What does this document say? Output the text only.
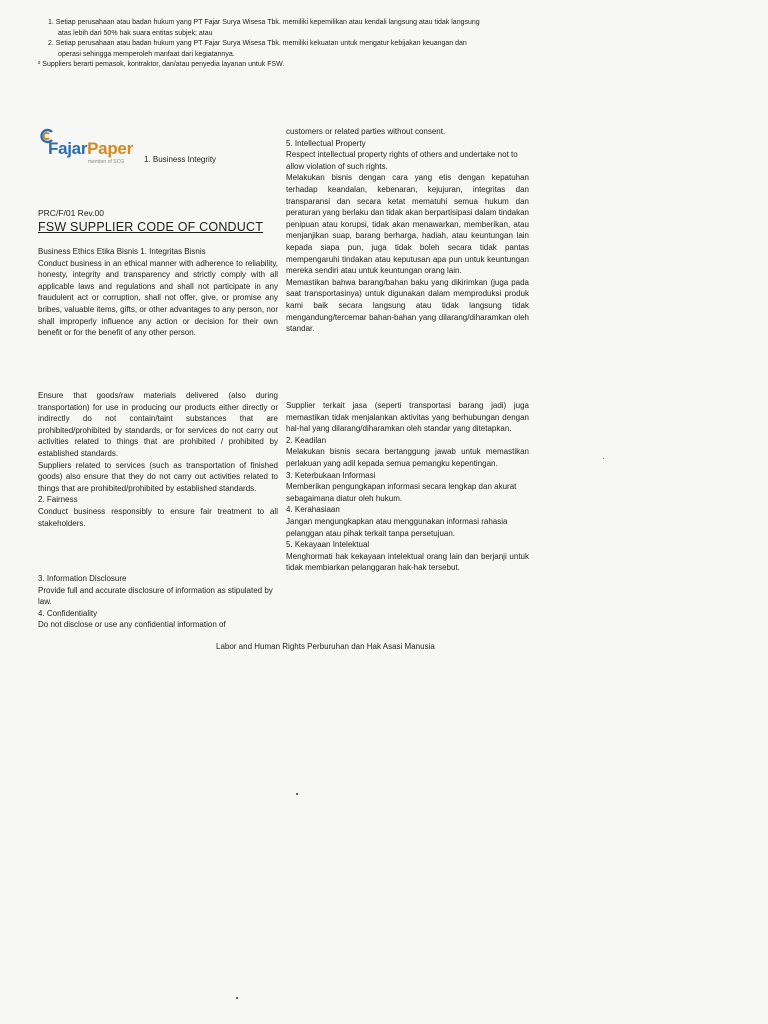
1. Setiap perusahaan atau badan hukum yang PT Fajar Surya Wisesa Tbk. memiliki kepemilikan atau kendali langsung atau tidak langsung
atas lebih dari 50% hak suara entitas subjek; atau
2. Setiap perusahaan atau badan hukum yang PT Fajar Surya Wisesa Tbk. memiliki kekuatan untuk mengatur kebijakan keuangan dan
operasi sehingga memperoleh manfaat dari kegiatannya.
² Suppliers berarti pemasok, kontraktor, dan/atau penyedia layanan untuk FSW.
FajarPaper
member of SCG 1. Business Integrity
PRC/F/01 Rev.00
FSW SUPPLIER CODE OF CONDUCT

Business Ethics Etika Bisnis 1. Integritas Bisnis

Conduct business in an ethical manner with adherence to reliability, honesty, integrity and transparency and strictly comply with all applicable laws and regulations and shall not participate in any fraudulent act or corruption, shall not offer, give, or promise any bribes, valuable items, gifts, or other advantages to any person, nor shall improperly influence any action or decision for their own benefit or for the benefit of any other person.

Ensure that goods/raw materials delivered (also during transportation) for use in producing our products either directly or indirectly do not contain/taint substances that are prohibited/prohibited by standards, or for services do not carry out activities related to things that are prohibited / prohibited by established standards.

Suppliers related to services (such as transportation of finished goods) also ensure that they do not carry out activities related to things that are prohibited/prohibited by established standards.

2. Fairness

Conduct business responsibly to ensure fair treatment to all stakeholders.

3. Information Disclosure

Provide full and accurate disclosure of information as stipulated by law.

4. Confidentiality

Do not disclose or use any confidential information of

customers or related parties without consent.

5. Intellectual Property

Respect intellectual property rights of others and undertake not to allow violation of such rights.

Melakukan bisnis dengan cara yang etis dengan kepatuhan terhadap keandalan, kebenaran, kejujuran, integritas dan transparansi dan secara ketat mematuhi semua hukum dan peraturan yang berlaku dan tidak akan berpartisipasi dalam tindakan penipuan atau korupsi, tidak akan menawarkan, memberikan, atau menjanjikan suap, barang berharga, hadiah, atau keuntungan lain kepada siapa pun, juga tidak boleh secara tidak pantas mempengaruhi tindakan atau keputusan apa pun untuk keuntungan mereka sendiri atau untuk keuntungan orang lain.

Memastikan bahwa barang/bahan baku yang dikirimkan (juga pada saat transportasinya) untuk digunakan dalam memproduksi produk kami baik secara langsung atau tidak langsung tidak mengandung/tercemar bahan-bahan yang dilarang/diharamkan oleh standar.

Supplier terkait jasa (seperti transportasi barang jadi) juga memastikan tidak menjalankan aktivitas yang berhubungan dengan hal-hal yang dilarang/diharamkan oleh standar yang ditetapkan.

2. Keadilan

Melakukan bisnis secara bertanggung jawab untuk memastikan perlakuan yang adil kepada semua pemangku kepentingan.

3. Keterbukaan Informasi

Memberikan pengungkapan informasi secara lengkap dan akurat sebagaimana diatur oleh hukum.

4. Kerahasiaan

Jangan mengungkapkan atau menggunakan informasi rahasia pelanggan atau pihak terkait tanpa persetujuan.

5. Kekayaan Intelektual

Menghormati hak kekayaan intelektual orang lain dan berjanji untuk tidak membiarkan pelanggaran hak-hak tersebut.

Labor and Human Rights Perburuhan dan Hak Asasi Manusia
